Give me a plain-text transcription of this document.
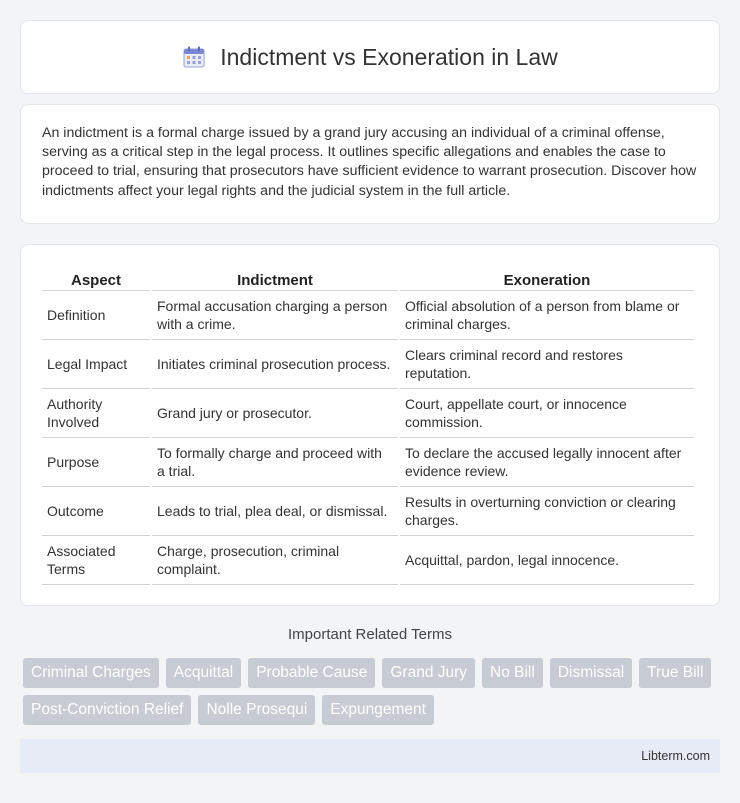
Indictment vs Exoneration in Law

An indictment is a formal charge issued by a grand jury accusing an individual of a criminal offense, serving as a critical step in the legal process. It outlines specific allegations and enables the case to proceed to trial, ensuring that prosecutors have sufficient evidence to warrant prosecution. Discover how indictments affect your legal rights and the judicial system in the full article.

Aspect	Indictment	Exoneration
Definition	Formal accusation charging a person with a crime.	Official absolution of a person from blame or criminal charges.
Legal Impact	Initiates criminal prosecution process.	Clears criminal record and restores reputation.
Authority Involved	Grand jury or prosecutor.	Court, appellate court, or innocence commission.
Purpose	To formally charge and proceed with a trial.	To declare the accused legally innocent after evidence review.
Outcome	Leads to trial, plea deal, or dismissal.	Results in overturning conviction or clearing charges.
Associated Terms	Charge, prosecution, criminal complaint.	Acquittal, pardon, legal innocence.
Important Related Terms
Criminal Charges	Acquittal	Probable Cause	Grand Jury	No Bill	Dismissal	True Bill
Post-Conviction Relief	Nolle Prosequi	Expungement
Libterm.com
